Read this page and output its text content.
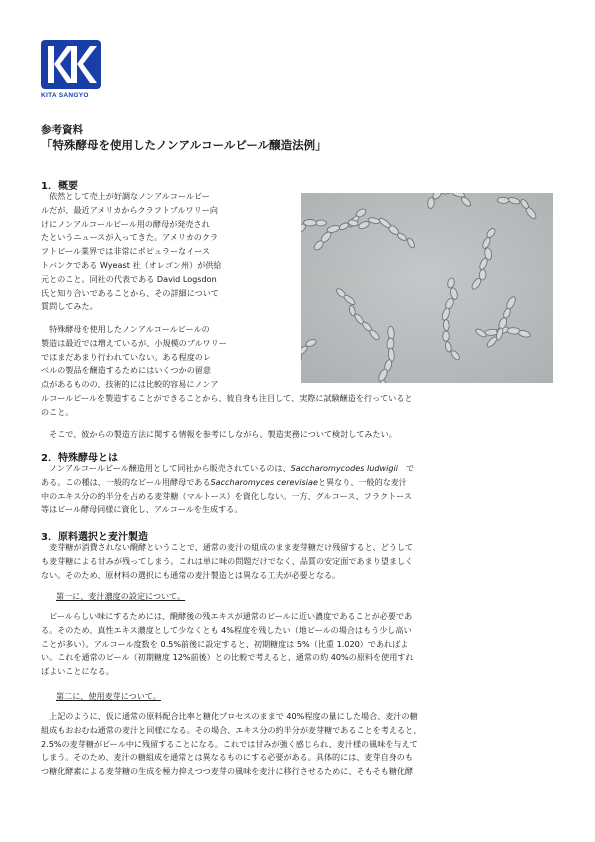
KITA SANGYO
参考資料
「特殊酵母を使用したノンアルコールビール醸造法例」
1．概要
　依然として売上が好調なノンアルコールビー
ルだが、最近アメリカからクラフトブルワリー向
けにノンアルコールビール用の酵母が発売され
たというニュースが入ってきた。アメリカのクラ
フトビール業界では非常にポピュラーなイース
トバンクである Wyeast 社（オレゴン州）が供給
元とのこと。同社の代表である David Logsdon
氏と知り合いであることから、その詳細について
質問してみた。
　特殊酵母を使用したノンアルコールビールの
製造は最近では増えているが、小規模のブルワリー
ではまだあまり行われていない。ある程度のレ
ベルの製品を醸造するためにはいくつかの留意
点があるものの、技術的には比較的容易にノンア
ルコールビールを製造することができることから、彼自身も注目して、実際に試験醸造を行っていると
のこと。
　そこで、彼からの製造方法に関する情報を参考にしながら、製造実務について検討してみたい。
2．特殊酵母とは
　ノンアルコールビール醸造用として同社から販売されているのは、Saccharomycodes ludwigii　で
ある。この種は、一般的なビール用酵母であるSaccharomyces cerevisiaeと異なり、一般的な麦汁
中のエキス分の約半分を占める麦芽糖（マルトース）を資化しない。一方、グルコース、フラクトース
等はビール酵母同様に資化し、アルコールを生成する。
3．原料選択と麦汁製造
　麦芽糖が消費されない醗酵ということで、通常の麦汁の組成のまま麦芽糖だけ残留すると、どうして
も麦芽糖による甘みが残ってしまう。これは単に味の問題だけでなく、品質の安定面であまり望ましく
ない。そのため、原材料の選択にも通常の麦汁製造とは異なる工夫が必要となる。
第一に、麦汁濃度の設定について。
　ビールらしい味にするためには、醗酵後の残エキスが通常のビールに近い濃度であることが必要であ
る。そのため、真性エキス濃度として少なくとも 4%程度を残したい（地ビールの場合はもう少し高い
ことが多い）。アルコール度数を 0.5%前後に設定すると、初期糖度は 5%（比重 1.020）であればよ
い。これを通常のビール（初期糖度 12%前後）との比較で考えると、通常の約 40%の原料を使用すれ
ばよいことになる。
第二に、使用麦芽について。
　上記のように、仮に通常の原料配合比率と糖化プロセスのままで 40%程度の量にした場合、麦汁の糖
組成もおおむね通常の麦汁と同様になる。その場合、エキス分の約半分が麦芽糖であることを考えると、
2.5%の麦芽糖がビール中に残留することになる。これでは甘みが強く感じられ、麦汁様の風味を与えて
しまう。そのため、麦汁の糖組成を通常とは異なるものにする必要がある。具体的には、麦芽自身のも
つ糖化酵素による麦芽糖の生成を極力抑えつつ麦芽の風味を麦汁に移行させるために、そもそも糖化酵
